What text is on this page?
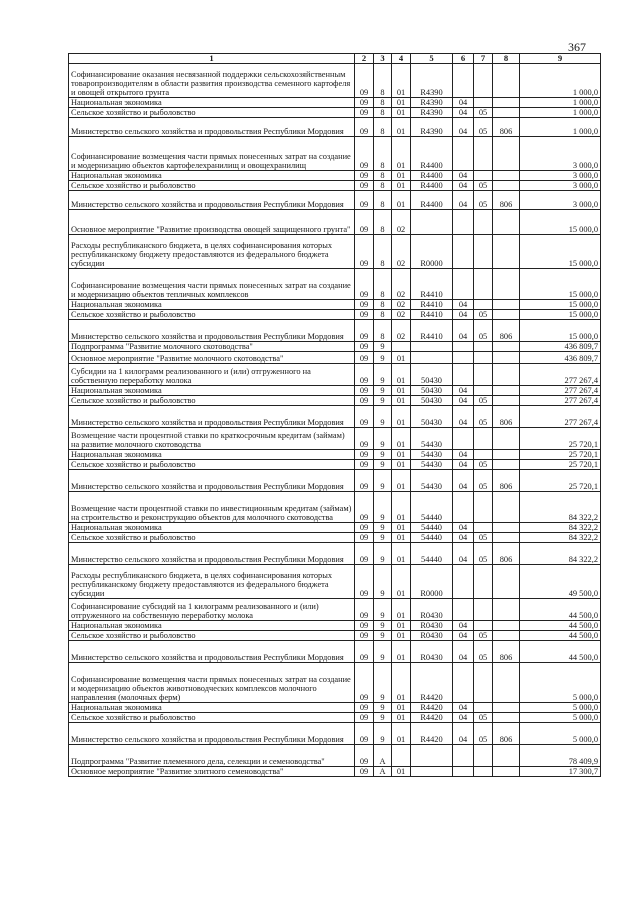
367
1	2	3	4	5	6	7	8	9
Софинансирование оказания несвязанной поддержки сельскохозяйственным товаропроизводителям в области развития производства семенного картофеля и овощей открытого грунта	09	8	01	R4390				1 000,0
Национальная экономика	09	8	01	R4390	04			1 000,0
Сельское хозяйство и рыболовство	09	8	01	R4390	04	05		1 000,0
Министерство сельского хозяйства и продовольствия Республики Мордовия	09	8	01	R4390	04	05	806	1 000,0
Софинансирование возмещения части прямых понесенных затрат на создание и модернизацию объектов картофелехранилищ и овощехранилищ	09	8	01	R4400				3 000,0
Национальная экономика	09	8	01	R4400	04			3 000,0
Сельское хозяйство и рыболовство	09	8	01	R4400	04	05		3 000,0
Министерство сельского хозяйства и продовольствия Республики Мордовия	09	8	01	R4400	04	05	806	3 000,0
Основное мероприятие "Развитие производства овощей защищенного грунта"	09	8	02					15 000,0
Расходы республиканского бюджета, в целях софинансирования которых республиканскому бюджету предоставляются из федерального бюджета субсидии	09	8	02	R0000				15 000,0
Софинансирование возмещения части прямых понесенных затрат на создание и модернизацию объектов тепличных комплексов	09	8	02	R4410				15 000,0
Национальная экономика	09	8	02	R4410	04			15 000,0
Сельское хозяйство и рыболовство	09	8	02	R4410	04	05		15 000,0
Министерство сельского хозяйства и продовольствия Республики Мордовия	09	8	02	R4410	04	05	806	15 000,0
Подпрограмма "Развитие молочного скотоводства"	09	9						436 809,7
Основное мероприятие "Развитие молочного скотоводства"	09	9	01					436 809,7
Субсидии на 1 килограмм реализованного и (или) отгруженного на собственную переработку молока	09	9	01	50430				277 267,4
Национальная экономика	09	9	01	50430	04			277 267,4
Сельское хозяйство и рыболовство	09	9	01	50430	04	05		277 267,4
Министерство сельского хозяйства и продовольствия Республики Мордовия	09	9	01	50430	04	05	806	277 267,4
Возмещение части процентной ставки по краткосрочным кредитам (займам) на развитие молочного скотоводства	09	9	01	54430				25 720,1
Национальная экономика	09	9	01	54430	04			25 720,1
Сельское хозяйство и рыболовство	09	9	01	54430	04	05		25 720,1
Министерство сельского хозяйства и продовольствия Республики Мордовия	09	9	01	54430	04	05	806	25 720,1
Возмещение части процентной ставки по инвестиционным кредитам (займам) на строительство и реконструкцию объектов для молочного скотоводства	09	9	01	54440				84 322,2
Национальная экономика	09	9	01	54440	04			84 322,2
Сельское хозяйство и рыболовство	09	9	01	54440	04	05		84 322,2
Министерство сельского хозяйства и продовольствия Республики Мордовия	09	9	01	54440	04	05	806	84 322,2
Расходы республиканского бюджета, в целях софинансирования которых республиканскому бюджету предоставляются из федерального бюджета субсидии	09	9	01	R0000				49 500,0
Софинансирование субсидий на 1 килограмм реализованного и (или) отгруженного на собственную переработку молока	09	9	01	R0430				44 500,0
Национальная экономика	09	9	01	R0430	04			44 500,0
Сельское хозяйство и рыболовство	09	9	01	R0430	04	05		44 500,0
Министерство сельского хозяйства и продовольствия Республики Мордовия	09	9	01	R0430	04	05	806	44 500,0
Софинансирование возмещения части прямых понесенных затрат на создание и модернизацию объектов животноводческих комплексов молочного направления (молочных ферм)	09	9	01	R4420				5 000,0
Национальная экономика	09	9	01	R4420	04			5 000,0
Сельское хозяйство и рыболовство	09	9	01	R4420	04	05		5 000,0
Министерство сельского хозяйства и продовольствия Республики Мордовия	09	9	01	R4420	04	05	806	5 000,0
Подпрограмма "Развитие племенного дела, селекции и семеноводства"	09	A						78 409,9
Основное мероприятие "Развитие элитного семеноводства"	09	A	01					17 300,7
